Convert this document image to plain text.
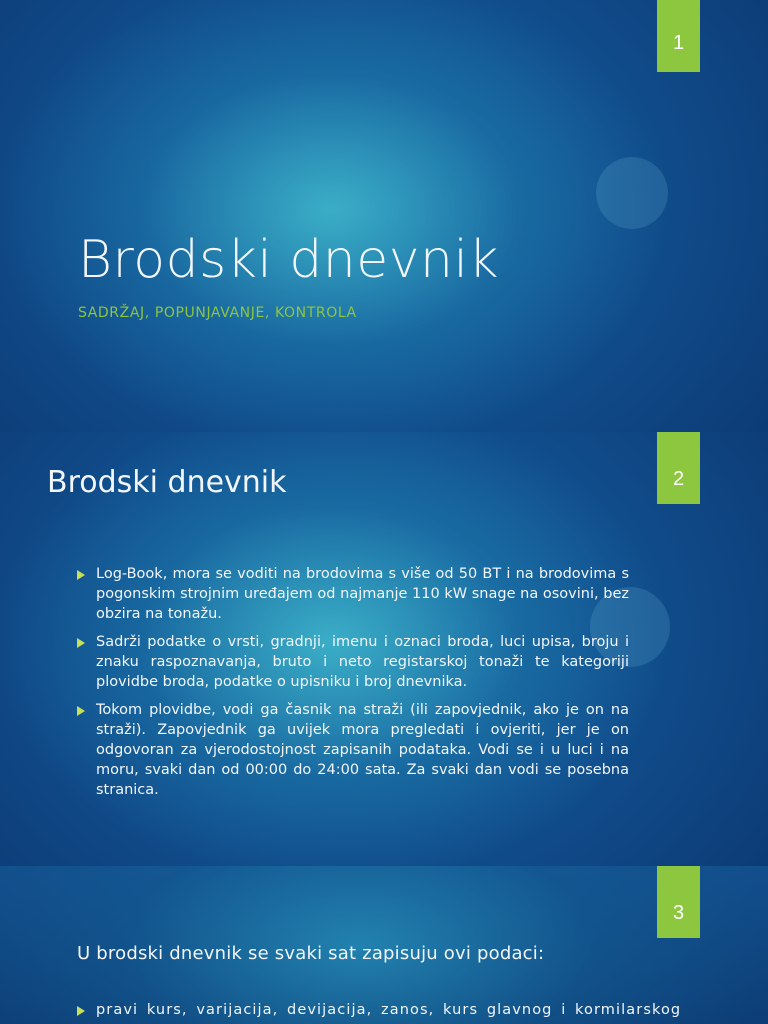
1
Brodski dnevnik
SADRŽAJ, POPUNJAVANJE, KONTROLA
2
Brodski dnevnik
Log-Book, mora se voditi na brodovima s više od 50 BT i na brodovima s pogonskim strojnim uređajem od najmanje 110 kW snage na osovini, bez obzira na tonažu.
Sadrži podatke o vrsti, gradnji, imenu i oznaci broda, luci upisa, broju i znaku raspoznavanja, bruto i neto registarskoj tonaži te kategoriji plovidbe broda, podatke o upisniku i broj dnevnika.
Tokom plovidbe, vodi ga časnik na straži (ili zapovjednik, ako je on na straži). Zapovjednik ga uvijek mora pregledati i ovjeriti, jer je on odgovoran za vjerodostojnost zapisanih podataka. Vodi se i u luci i na moru, svaki dan od 00:00 do 24:00 sata. Za svaki dan vodi se posebna stranica.
3
U brodski dnevnik se svaki sat zapisuju ovi podaci:
pravi kurs, varijacija, devijacija, zanos, kurs glavnog i kormilarskog
